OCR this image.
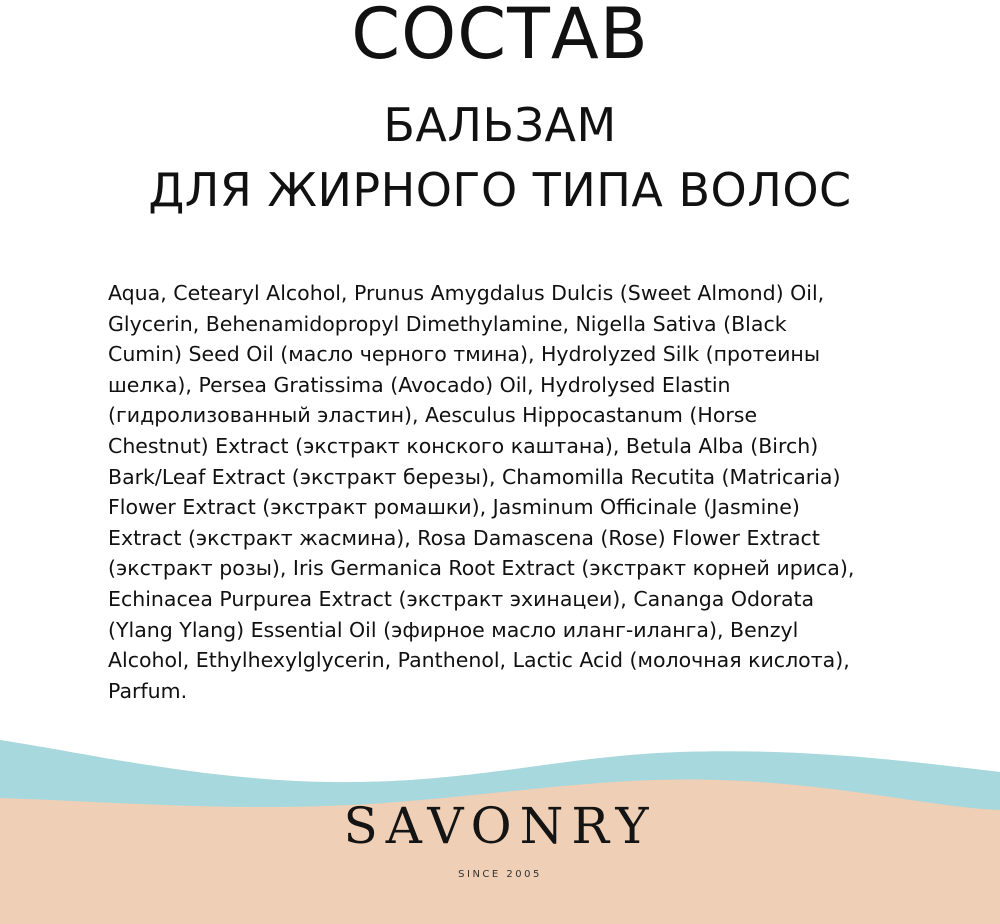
СОСТАВ
БАЛЬЗАМ
ДЛЯ ЖИРНОГО ТИПА ВОЛОС
Aqua, Cetearyl Alcohol, Prunus Amygdalus Dulcis (Sweet Almond) Oil,
Glycerin, Behenamidopropyl Dimethylamine, Nigella Sativa (Black
Cumin) Seed Oil (масло черного тмина), Hydrolyzed Silk (протеины
шелка), Persea Gratissima (Avocado) Oil, Hydrolysed Elastin
(гидролизованный эластин), Aesculus Hippocastanum (Horse
Chestnut) Extract (экстракт конского каштана), Betula Alba (Birch)
Bark/Leaf Extract (экстракт березы), Chamomilla Recutita (Matricaria)
Flower Extract (экстракт ромашки), Jasminum Officinale (Jasmine)
Extract (экстракт жасмина), Rosa Damascena (Rose) Flower Extract
(экстракт розы), Iris Germanica Root Extract (экстракт корней ириса),
Echinacea Purpurea Extract (экстракт эхинацеи), Cananga Odorata
(Ylang Ylang) Essential Oil (эфирное масло иланг-иланга), Benzyl
Alcohol, Ethylhexylglycerin, Panthenol, Lactic Acid (молочная кислота),
Parfum.
SAVONRY
SINCE 2005
